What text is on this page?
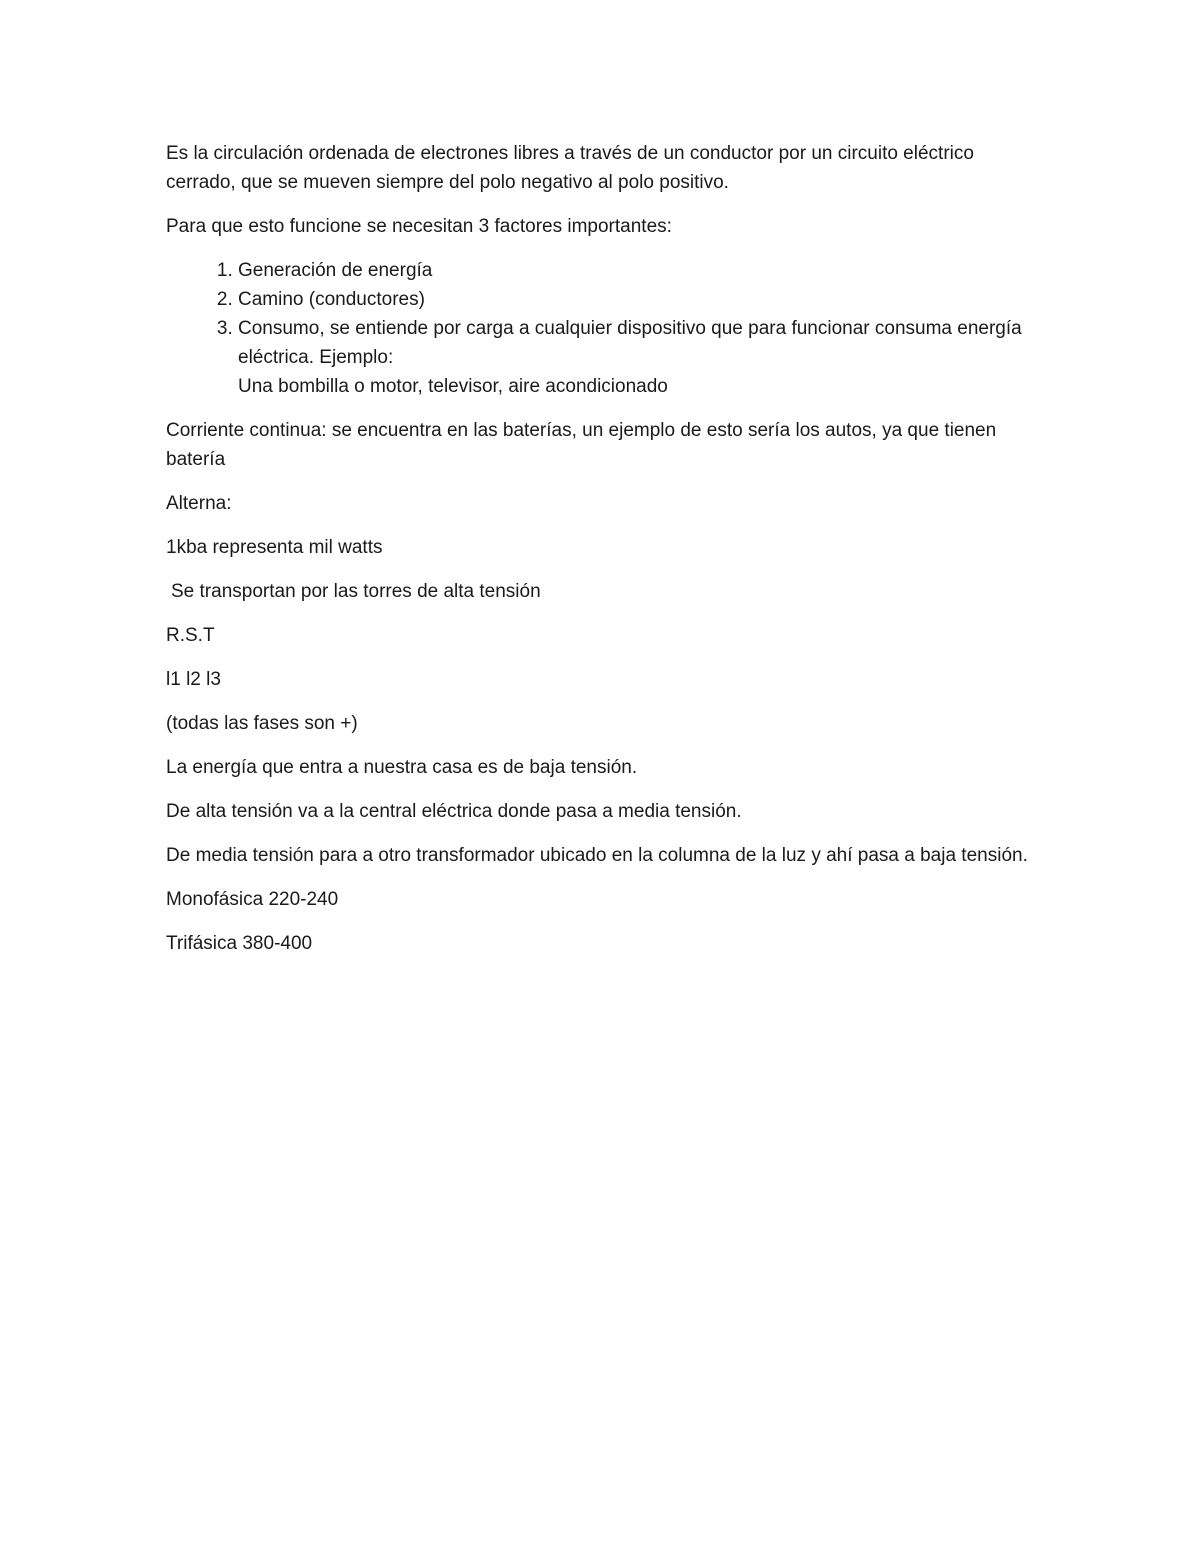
Es la circulación ordenada de electrones libres a través de un conductor por un circuito eléctrico cerrado, que se mueven siempre del polo negativo al polo positivo.

Para que esto funcione se necesitan 3 factores importantes:

1. Generación de energía
2. Camino (conductores)
3. Consumo, se entiende por carga a cualquier dispositivo que para funcionar consuma energía eléctrica. Ejemplo:
Una bombilla o motor, televisor, aire acondicionado

Corriente continua: se encuentra en las baterías, un ejemplo de esto sería los autos, ya que tienen batería

Alterna:

1kba representa mil watts

Se transportan por las torres de alta tensión

R.S.T

l1 l2 l3

(todas las fases son +)

La energía que entra a nuestra casa es de baja tensión.

De alta tensión va a la central eléctrica donde pasa a media tensión.

De media tensión para a otro transformador ubicado en la columna de la luz y ahí pasa a baja tensión.

Monofásica 220-240

Trifásica 380-400
